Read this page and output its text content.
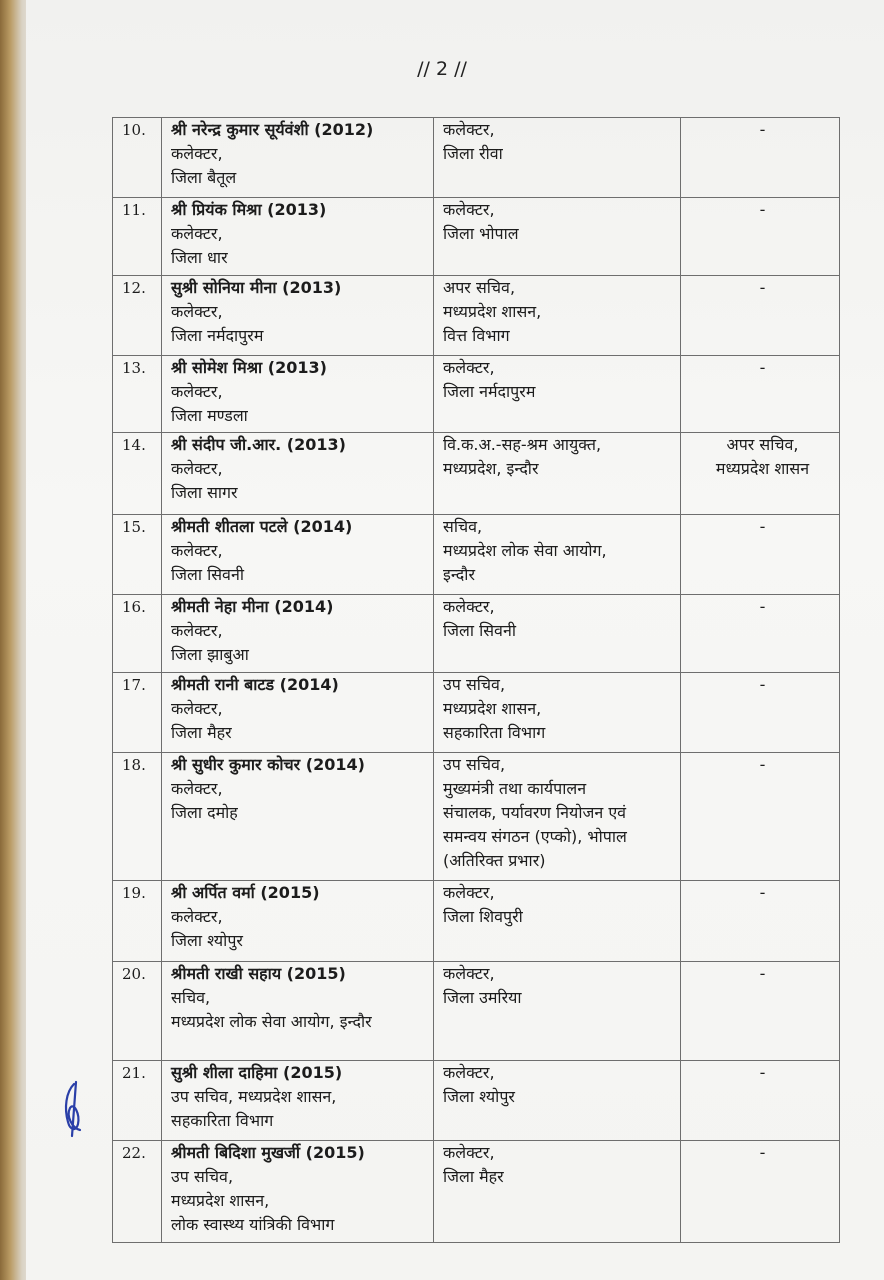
// 2 //
10.	श्री नरेन्द्र कुमार सूर्यवंशी (2012)
कलेक्टर,
जिला बैतूल	कलेक्टर,
जिला रीवा	-

11.	श्री प्रियंक मिश्रा (2013)
कलेक्टर,
जिला धार	कलेक्टर,
जिला भोपाल	-

12.	सुश्री सोनिया मीना (2013)
कलेक्टर,
जिला नर्मदापुरम	अपर सचिव,
मध्यप्रदेश शासन,
वित्त विभाग	-

13.	श्री सोमेश मिश्रा (2013)
कलेक्टर,
जिला मण्डला	कलेक्टर,
जिला नर्मदापुरम	-

14.	श्री संदीप जी.आर. (2013)
कलेक्टर,
जिला सागर	वि.क.अ.-सह-श्रम आयुक्त,
मध्यप्रदेश, इन्दौर	अपर सचिव,
मध्यप्रदेश शासन

15.	श्रीमती शीतला पटले (2014)
कलेक्टर,
जिला सिवनी	सचिव,
मध्यप्रदेश लोक सेवा आयोग,
इन्दौर	-

16.	श्रीमती नेहा मीना (2014)
कलेक्टर,
जिला झाबुआ	कलेक्टर,
जिला सिवनी	-

17.	श्रीमती रानी बाटड (2014)
कलेक्टर,
जिला मैहर	उप सचिव,
मध्यप्रदेश शासन,
सहकारिता विभाग	-

18.	श्री सुधीर कुमार कोचर (2014)
कलेक्टर,
जिला दमोह	उप सचिव,
मुख्यमंत्री तथा कार्यपालन
संचालक, पर्यावरण नियोजन एवं
समन्वय संगठन (एप्को), भोपाल
(अतिरिक्त प्रभार)	-

19.	श्री अर्पित वर्मा (2015)
कलेक्टर,
जिला श्योपुर	कलेक्टर,
जिला शिवपुरी	-

20.	श्रीमती राखी सहाय (2015)
सचिव,
मध्यप्रदेश लोक सेवा आयोग, इन्दौर	कलेक्टर,
जिला उमरिया	-

21.	सुश्री शीला दाहिमा (2015)
उप सचिव, मध्यप्रदेश शासन,
सहकारिता विभाग	कलेक्टर,
जिला श्योपुर	-

22.	श्रीमती बिदिशा मुखर्जी (2015)
उप सचिव,
मध्यप्रदेश शासन,
लोक स्वास्थ्य यांत्रिकी विभाग	कलेक्टर,
जिला मैहर	-
